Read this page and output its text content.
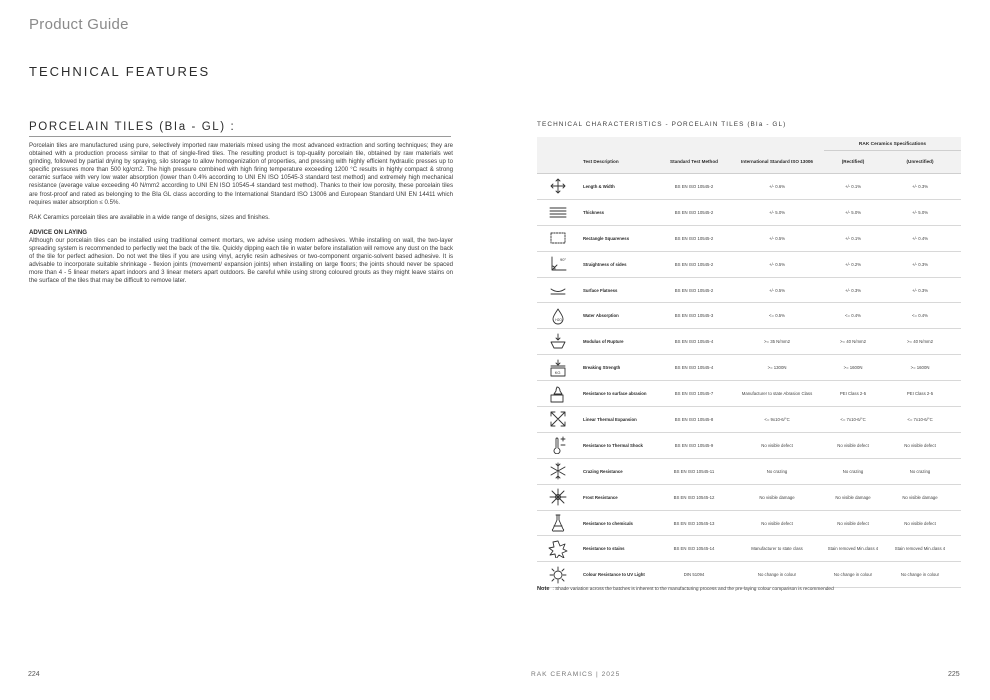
Product Guide
TECHNICAL FEATURES
PORCELAIN TILES (BIa - GL) :

Porcelain tiles are manufactured using pure, selectively imported raw materials mixed using the most advanced extraction and sorting techniques; they are obtained with a production process similar to that of single-fired tiles. The resulting product is top-quality porcelain tile, obtained by raw materials wet grinding, followed by partial drying by spraying, silo storage to allow homogenization of properties, and pressing with highly efficient hydraulic presses up to specific pressures more than 500 kg/cm2. The high pressure combined with high firing temperature exceeding 1200 °C results in highly compact & strong ceramic surface with very low water absorption (lower than 0.4% according to UNI EN ISO 10545-3 standard test method) and extremely high mechanical resistance (average value exceeding 40 N/mm2 according to UNI EN ISO 10545-4 standard test method). Thanks to their low porosity, these porcelain tiles are frost-proof and rated as belonging to the BIa GL class according to the International Standard ISO 13006 and European Standard UNI EN 14411 which requires water absorption ≤ 0.5%.

RAK Ceramics porcelain tiles are available in a wide range of designs, sizes and finishes.

ADVICE ON LAYING

Although our porcelain tiles can be installed using traditional cement mortars, we advise using modern adhesives. While installing on wall, the two-layer spreading system is recommended to perfectly wet the back of the tile. Quickly dipping each tile in water before installation will remove any dust on the back of the tile for perfect adhesion. Do not wet the tiles if you are using vinyl, acrylic resin adhesives or two-component organic-solvent based adhesive. It is advisable to incorporate suitable shrinkage - flexion joints (movement/ expansion joints) when installing on large floors; the joints should never be spaced more than 4 - 5 linear meters apart indoors and 3 linear meters apart outdoors. Be careful while using strong coloured grouts as they might leave stains on the surface of the tiles that may be difficult to remove later.

TECHNICAL CHARACTERISTICS - PORCELAIN TILES (BIa - GL)
RAK Ceramics Specifications
Test Description	Standard Test Method	International Standard ISO 13006	(Rectified)	(Unrectified)
Length & Width	BS EN ISO 10545-2	+/- 0.6%	+/- 0.1%	+/- 0.3%
Thickness	BS EN ISO 10545-2	+/- 5.0%	+/- 5.0%	+/- 5.0%
Rectangle Squareness	BS EN ISO 10545-2	+/- 0.5%	+/- 0.1%	+/- 0.4%
90°
Straightness of sides	BS EN ISO 10545-2	+/- 0.5%	+/- 0.2%	+/- 0.3%
Surface Flatness	BS EN ISO 10545-2	+/- 0.5%	+/- 0.3%	+/- 0.3%
H2O
Water Absorption	BS EN ISO 10545-3	<= 0.5%	<= 0.4%	<= 0.4%
Modulus of Rupture	BS EN ISO 10545-4	>= 35 N/mm2	>= 40 N/mm2	>= 40 N/mm2
KG
Breaking Strength	BS EN ISO 10545-4	>= 1300N	>= 1600N	>= 1600N
Resistance to surface abrasion	BS EN ISO 10545-7	Manufacturer to state Abrasion Class	PEI Class 2-5	PEI Class 2-5
Linear Thermal Expansion	BS EN ISO 10545-8	<= 9x10-6/°C	<= 7x10-6/°C	<= 7x10-6/°C
Resistance to Thermal Shock	BS EN ISO 10545-9	No visible defect	No visible defect	No visible defect
Crazing Resistance	BS EN ISO 10545-11	No crazing	No crazing	No crazing
Frost Resistance	BS EN ISO 10545-12	No visible damage	No visible damage	No visible damage
Resistance to chemicals	BS EN ISO 10545-13	No visible defect	No visible defect	No visible defect
Resistance to stains	BS EN ISO 10545-14	Manufacturer to state class	Stain removed Min.class 4	Stain removed Min.class 4
Colour Resistance to UV Light	DIN 51094	No change in colour	No change in colour	No change in colour
Note : Shade variation across the batches is inherent to the manufacturing process and the pre-laying colour comparison is recommended
224	RAK CERAMICS | 2025	225
